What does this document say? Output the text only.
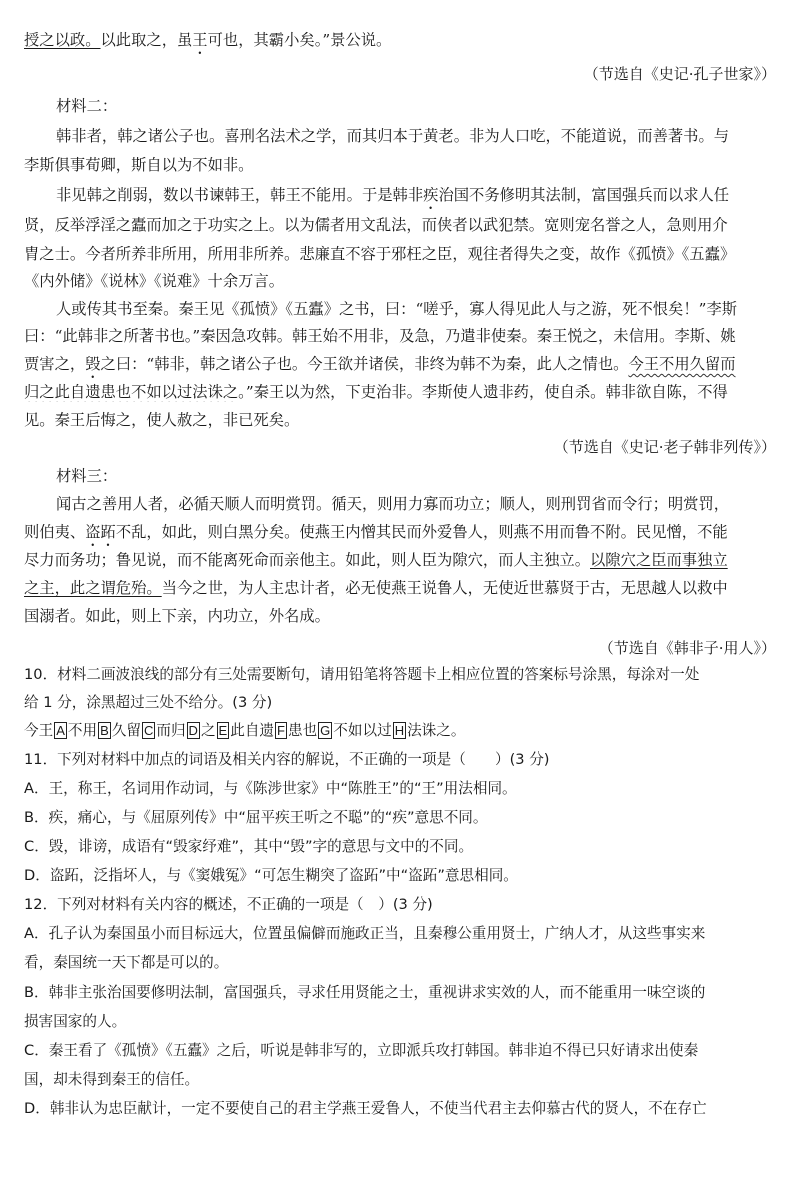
授之以政。以此取之，虽王可也，其霸小矣。”景公说。
（节选自《史记·孔子世家》）
材料二：
韩非者，韩之诸公子也。喜刑名法术之学，而其归本于黄老。非为人口吃，不能道说，而善著书。与
李斯俱事荀卿，斯自以为不如非。
非见韩之削弱，数以书谏韩王，韩王不能用。于是韩非疾治国不务修明其法制，富国强兵而以求人任
贤，反举浮淫之蠹而加之于功实之上。以为儒者用文乱法，而侠者以武犯禁。宽则宠名誉之人，急则用介
胄之士。今者所养非所用，所用非所养。悲廉直不容于邪枉之臣，观往者得失之变，故作《孤愤》《五蠹》
《内外储》《说林》《说难》十余万言。
人或传其书至秦。秦王见《孤愤》《五蠹》之书，曰：“嗟乎，寡人得见此人与之游，死不恨矣！”李斯
曰：“此韩非之所著书也。”秦因急攻韩。韩王始不用非，及急，乃遣非使秦。秦王悦之，未信用。李斯、姚
贾害之，毁之曰：“韩非，韩之诸公子也。今王欲并诸侯，非终为韩不为秦，此人之情也。今王不用久留而
归之此自遗患也不如以过法诛之。”秦王以为然，下吏治非。李斯使人遗非药，使自杀。韩非欲自陈，不得
见。秦王后悔之，使人赦之，非已死矣。
（节选自《史记·老子韩非列传》）
材料三：
闻古之善用人者，必循天顺人而明赏罚。循天，则用力寡而功立；顺人，则刑罚省而令行；明赏罚，
则伯夷、盗跖不乱，如此，则白黑分矣。使燕王内憎其民而外爱鲁人，则燕不用而鲁不附。民见憎，不能
尽力而务功；鲁见说，而不能离死命而亲他主。如此，则人臣为隙穴，而人主独立。以隙穴之臣而事独立
之主，此之谓危殆。当今之世，为人主忠计者，必无使燕王说鲁人，无使近世慕贤于古，无思越人以救中
国溺者。如此，则上下亲，内功立，外名成。
（节选自《韩非子·用人》）
10．材料二画波浪线的部分有三处需要断句，请用铅笔将答题卡上相应位置的答案标号涂黑，每涂对一处
给 1 分，涂黑超过三处不给分。(3 分)
今王 A 不用 B 久留 C 而归 D 之 E 此自遗 F 患也 G 不如以过 H 法诛之。
11．下列对材料中加点的词语及相关内容的解说，不正确的一项是（　　）(3 分)
A．王，称王，名词用作动词，与《陈涉世家》中“陈胜王”的“王”用法相同。
B．疾，痛心，与《屈原列传》中“屈平疾王听之不聪”的“疾”意思不同。
C．毁，诽谤，成语有“毁家纾难”，其中“毁”字的意思与文中的不同。
D．盗跖，泛指坏人，与《窦娥冤》“可怎生糊突了盗跖”中“盗跖”意思相同。
12．下列对材料有关内容的概述，不正确的一项是（　）(3 分)
A．孔子认为秦国虽小而目标远大，位置虽偏僻而施政正当，且秦穆公重用贤士，广纳人才，从这些事实来
看，秦国统一天下都是可以的。
B．韩非主张治国要修明法制，富国强兵，寻求任用贤能之士，重视讲求实效的人，而不能重用一味空谈的
损害国家的人。
C．秦王看了《孤愤》《五蠹》之后，听说是韩非写的，立即派兵攻打韩国。韩非迫不得已只好请求出使秦
国，却未得到秦王的信任。
D．韩非认为忠臣献计，一定不要使自己的君主学燕王爱鲁人，不使当代君主去仰慕古代的贤人，不在存亡
